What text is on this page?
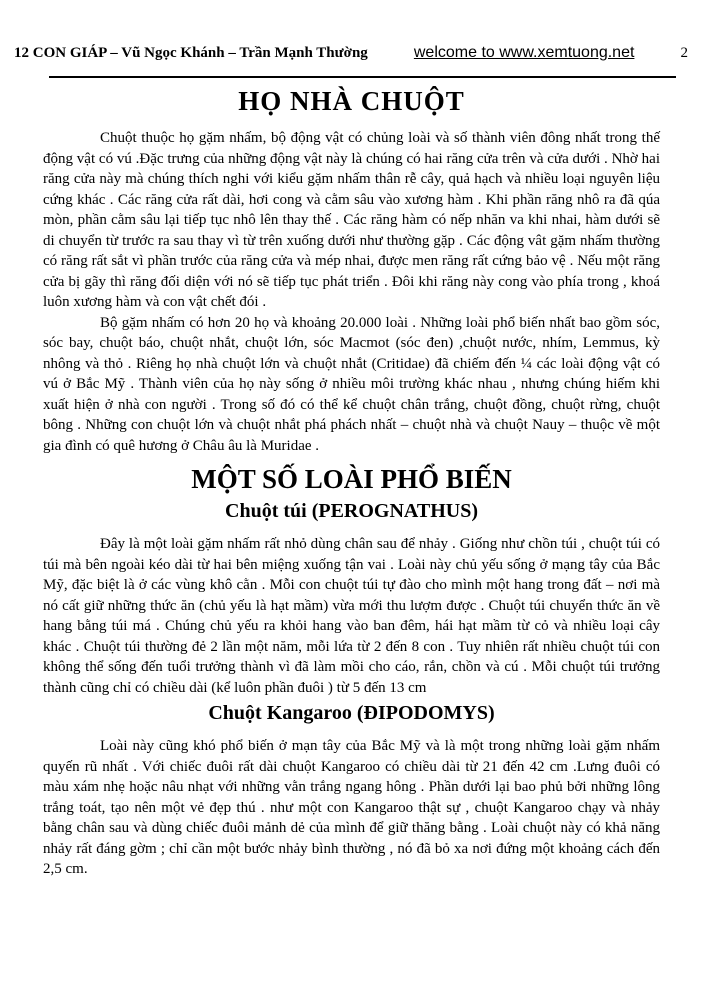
12 CON GIÁP – Vũ Ngọc Khánh – Trần Mạnh Thường	welcome to www.xemtuong.net	2
HỌ NHÀ CHUỘT

Chuột thuộc họ gặm nhấm, bộ động vật có chủng loài và số thành viên đông nhất trong thế động vật có vú .Đặc trưng của những động vật này là chúng có hai răng cửa trên và cửa dưới . Nhờ hai răng cửa này mà chúng thích nghi với kiểu gặm nhấm thân rễ cây, quả hạch và nhiều loại nguyên liệu cứng khác . Các răng cửa rất dài, hơi cong và cằm sâu vào xương hàm . Khi phần răng nhô ra đã qúa mòn, phần cằm sâu lại tiếp tục nhô lên thay thế . Các răng hàm có nếp nhăn va khi nhai, hàm dưới sẽ di chuyển từ trước ra sau thay vì từ trên xuống dưới như thường gặp . Các động vât gặm nhấm thường có răng rất sắt vì phần trước của răng cửa và mép nhai, được men răng rất cứng bảo vệ . Nếu một răng cửa bị gãy thì răng đối diện với nó sẽ tiếp tục phát triển . Đôi khi răng này cong vào phía trong , khoá luôn xương hàm và con vật chết đói .

Bộ gặm nhấm có hơn 20 họ và khoảng 20.000 loài . Những loài phổ biến nhất bao gồm sóc, sóc bay, chuột báo, chuột nhắt, chuột lớn, sóc Macmot (sóc đen) ,chuột nước, nhím, Lemmus, kỳ nhông và thỏ . Riêng họ nhà chuột lớn và chuột nhắt (Critidae) đã chiếm đến ¼ các loài động vật có vú ở Bắc Mỹ . Thành viên của họ này sống ở nhiều môi trường khác nhau , nhưng chúng hiếm khi xuất hiện ở nhà con người . Trong số đó có thể kể chuột chân trắng, chuột đồng, chuột rừng, chuột bông . Những con chuột lớn và chuột nhắt phá phách nhất – chuột nhà và chuột Nauy – thuộc về một gia đình có quê hương ở Châu âu là Muridae .

MỘT SỐ LOÀI PHỔ BIẾN
Chuột túi (PEROGNATHUS)

Đây là một loài gặm nhấm rất nhỏ dùng chân sau để nhảy . Giống như chồn túi , chuột túi có túi mà bên ngoài kéo dài từ hai bên miệng xuống tận vai . Loài này chủ yếu sống ở mạng tây của Bắc Mỹ, đặc biệt là ở các vùng khô cằn . Mỗi con chuột túi tự đào cho mình một hang trong đất – nơi mà nó cất giữ những thức ăn (chủ yếu là hạt mầm) vừa mới thu lượm được . Chuột túi chuyển thức ăn về hang bằng túi má . Chúng chủ yếu ra khỏi hang vào ban đêm, hái hạt mầm từ cỏ và nhiều loại cây khác . Chuột túi thường đẻ 2 lần một năm, mỗi lứa từ 2 đến 8 con . Tuy nhiên rất nhiều chuột túi con không thể sống đến tuổi trưởng thành vì đã làm mồi cho cáo, rắn, chồn và cú . Mỗi chuột túi trưởng thành cũng chỉ có chiều dài (kể luôn phần đuôi ) từ 5 đến 13 cm

Chuột Kangaroo (ĐIPODOMYS)

Loài này cũng khó phổ biến ở mạn tây của Bắc Mỹ và là một trong những loài gặm nhấm quyến rũ nhất . Với chiếc đuôi rất dài chuột Kangaroo có chiều dài từ 21 đến 42 cm .Lưng đuôi có màu xám nhẹ hoặc nâu nhạt với những vằn trắng ngang hông . Phần dưới lại bao phủ bởi những lông trắng toát, tạo nên một vẻ đẹp thú . như một con Kangaroo thật sự , chuột Kangaroo chạy và nhảy bằng chân sau và dùng chiếc đuôi mảnh dẻ của mình để giữ thăng bằng . Loài chuột này có khả năng nhảy rất đáng gờm ; chỉ cần một bước nhảy bình thường , nó đã bỏ xa nơi đứng một khoảng cách đến 2,5 cm.
